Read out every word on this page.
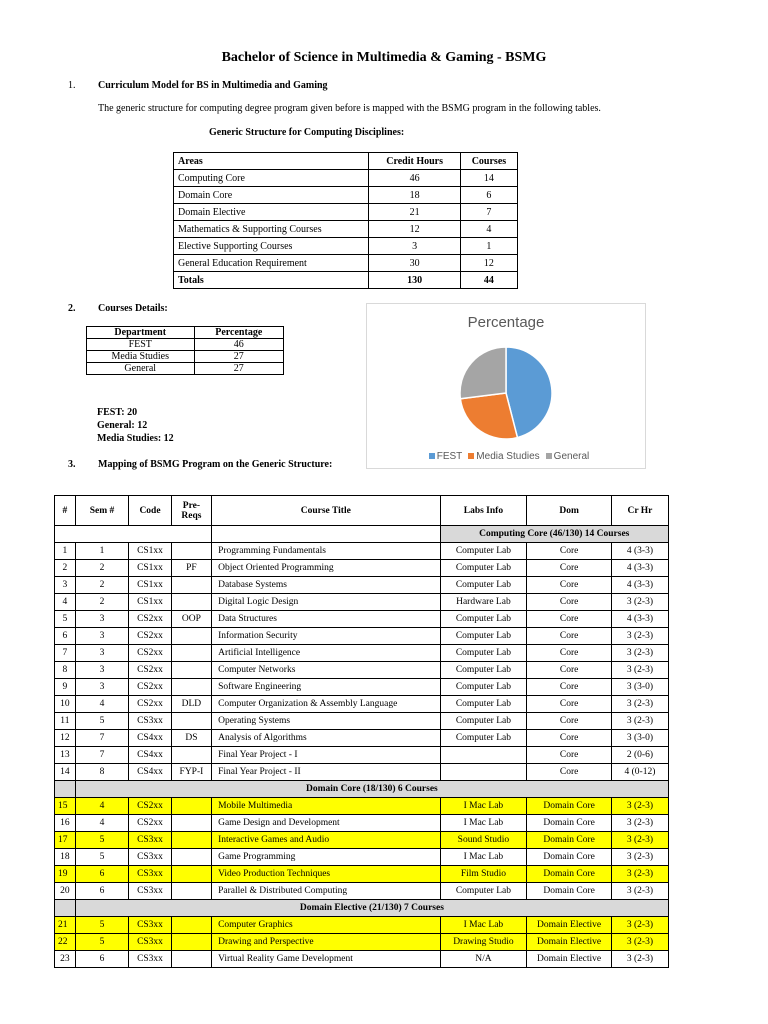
Bachelor of Science in Multimedia & Gaming - BSMG
1. Curriculum Model for BS in Multimedia and Gaming
The generic structure for computing degree program given before is mapped with the BSMG program in the following tables.
Generic Structure for Computing Disciplines:
Areas	Credit Hours	Courses
Computing Core	46	14
Domain Core	18	6
Domain Elective	21	7
Mathematics & Supporting Courses	12	4
Elective Supporting Courses	3	1
General Education Requirement	30	12
Totals	130	44
2. Courses Details:
Department	Percentage
FEST	46
Media Studies	27
General	27
Percentage
FEST Media Studies General
FEST: 20
General: 12
Media Studies: 12
3. Mapping of BSMG Program on the Generic Structure:
#	Sem #	Code	Pre-Reqs	Course Title	Labs Info	Dom	Cr Hr
					Computing Core (46/130) 14 Courses		
1	1	CS1xx		Programming Fundamentals	Computer Lab	Core	4 (3-3)
2	2	CS1xx	PF	Object Oriented Programming	Computer Lab	Core	4 (3-3)
3	2	CS1xx		Database Systems	Computer Lab	Core	4 (3-3)
4	2	CS1xx		Digital Logic Design	Hardware Lab	Core	3 (2-3)
5	3	CS2xx	OOP	Data Structures	Computer Lab	Core	4 (3-3)
6	3	CS2xx		Information Security	Computer Lab	Core	3 (2-3)
7	3	CS2xx		Artificial Intelligence	Computer Lab	Core	3 (2-3)
8	3	CS2xx		Computer Networks	Computer Lab	Core	3 (2-3)
9	3	CS2xx		Software Engineering	Computer Lab	Core	3 (3-0)
10	4	CS2xx	DLD	Computer Organization & Assembly Language	Computer Lab	Core	3 (2-3)
11	5	CS3xx		Operating Systems	Computer Lab	Core	3 (2-3)
12	7	CS4xx	DS	Analysis of Algorithms	Computer Lab	Core	3 (3-0)
13	7	CS4xx		Final Year Project - I		Core	2 (0-6)
14	8	CS4xx	FYP-I	Final Year Project - II		Core	4 (0-12)
	Domain Core (18/130) 6 Courses						
15	4	CS2xx		Mobile Multimedia	I Mac Lab	Domain Core	3 (2-3)
16	4	CS2xx		Game Design and Development	I Mac Lab	Domain Core	3 (2-3)
17	5	CS3xx		Interactive Games and Audio	Sound Studio	Domain Core	3 (2-3)
18	5	CS3xx		Game Programming	I Mac Lab	Domain Core	3 (2-3)
19	6	CS3xx		Video Production Techniques	Film Studio	Domain Core	3 (2-3)
20	6	CS3xx		Parallel & Distributed Computing	Computer Lab	Domain Core	3 (2-3)
	Domain Elective (21/130) 7 Courses						
21	5	CS3xx		Computer Graphics	I Mac Lab	Domain Elective	3 (2-3)
22	5	CS3xx		Drawing and Perspective	Drawing Studio	Domain Elective	3 (2-3)
23	6	CS3xx		Virtual Reality Game Development	N/A	Domain Elective	3 (2-3)
